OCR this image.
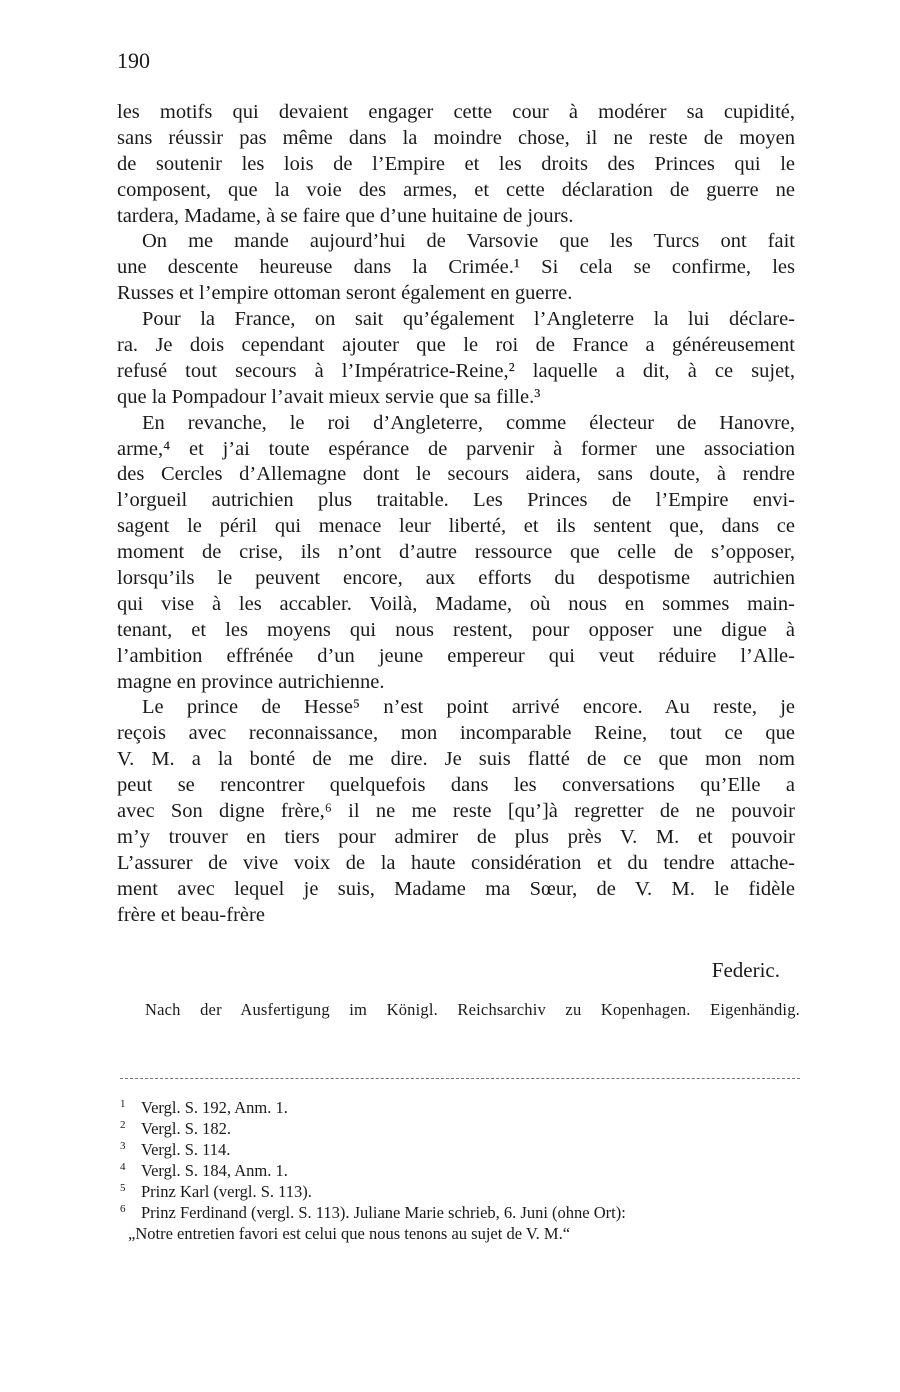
190
les motifs qui devaient engager cette cour à modérer sa cupidité,
sans réussir pas même dans la moindre chose, il ne reste de moyen
de soutenir les lois de l’Empire et les droits des Princes qui le
composent, que la voie des armes, et cette déclaration de guerre ne
tardera, Madame, à se faire que d’une huitaine de jours.
On me mande aujourd’hui de Varsovie que les Turcs ont fait
une descente heureuse dans la Crimée.¹ Si cela se confirme, les
Russes et l’empire ottoman seront également en guerre.
Pour la France, on sait qu’également l’Angleterre la lui déclare-
ra. Je dois cependant ajouter que le roi de France a généreusement
refusé tout secours à l’Impératrice-Reine,² laquelle a dit, à ce sujet,
que la Pompadour l’avait mieux servie que sa fille.³
En revanche, le roi d’Angleterre, comme électeur de Hanovre,
arme,⁴ et j’ai toute espérance de parvenir à former une association
des Cercles d’Allemagne dont le secours aidera, sans doute, à rendre
l’orgueil autrichien plus traitable. Les Princes de l’Empire envi-
sagent le péril qui menace leur liberté, et ils sentent que, dans ce
moment de crise, ils n’ont d’autre ressource que celle de s’opposer,
lorsqu’ils le peuvent encore, aux efforts du despotisme autrichien
qui vise à les accabler. Voilà, Madame, où nous en sommes main-
tenant, et les moyens qui nous restent, pour opposer une digue à
l’ambition effrénée d’un jeune empereur qui veut réduire l’Alle-
magne en province autrichienne.
Le prince de Hesse⁵ n’est point arrivé encore. Au reste, je
reçois avec reconnaissance, mon incomparable Reine, tout ce que
V. M. a la bonté de me dire. Je suis flatté de ce que mon nom
peut se rencontrer quelquefois dans les conversations qu’Elle a
avec Son digne frère,⁶ il ne me reste [qu’]à regretter de ne pouvoir
m’y trouver en tiers pour admirer de plus près V. M. et pouvoir
L’assurer de vive voix de la haute considération et du tendre attache-
ment avec lequel je suis, Madame ma Sœur, de V. M. le fidèle
frère et beau-frère
Federic.
Nach der Ausfertigung im Königl. Reichsarchiv zu Kopenhagen. Eigenhändig.
1 Vergl. S. 192, Anm. 1.
2 Vergl. S. 182.
3 Vergl. S. 114.
4 Vergl. S. 184, Anm. 1.
5 Prinz Karl (vergl. S. 113).
6 Prinz Ferdinand (vergl. S. 113). Juliane Marie schrieb, 6. Juni (ohne Ort):
„Notre entretien favori est celui que nous tenons au sujet de V. M.“
